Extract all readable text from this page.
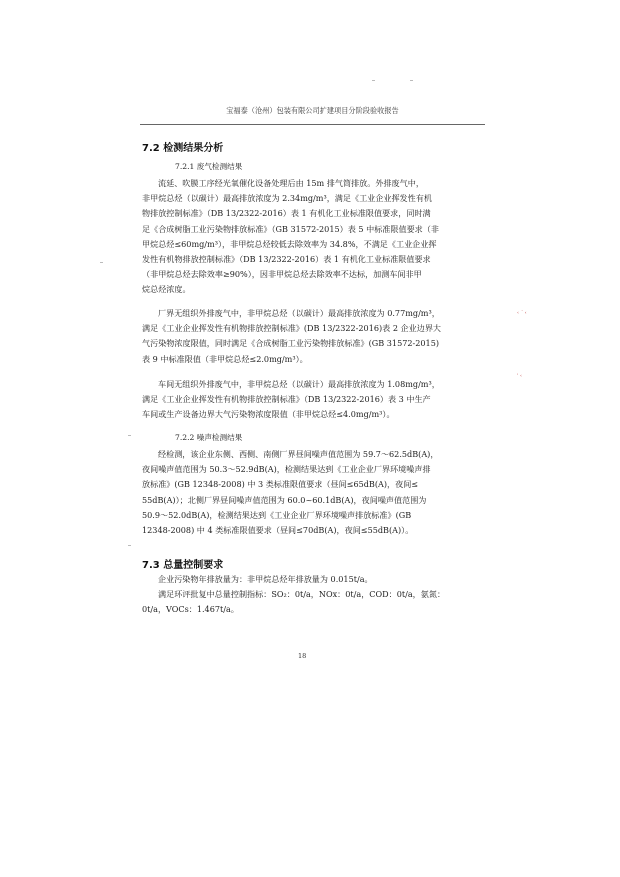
宝福泰（沧州）包装有限公司扩建项目分阶段验收报告
‹ ´ ‹
' ‹
7.2 检测结果分析
7.2.1 废气检测结果
流延、吹膜工序经光氧催化设备处理后由 15m 排气筒排放。外排废气中，
非甲烷总烃（以碳计）最高排放浓度为 2.34mg/m³，满足《工业企业挥发性有机
物排放控制标准》（DB 13/2322-2016）表 1 有机化工业标准限值要求，同时满
足《合成树脂工业污染物排放标准》（GB 31572-2015）表 5 中标准限值要求（非
甲烷总烃≤60mg/m³），非甲烷总烃较低去除效率为 34.8%，不满足《工业企业挥
发性有机物排放控制标准》（DB 13/2322-2016）表 1 有机化工业标准限值要求
（非甲烷总烃去除效率≥90%），因非甲烷总烃去除效率不达标，加测车间非甲
烷总烃浓度。
厂界无组织外排废气中，非甲烷总烃（以碳计）最高排放浓度为 0.77mg/m³，
满足《工业企业挥发性有机物排放控制标准》(DB 13/2322-2016)表 2 企业边界大
气污染物浓度限值，同时满足《合成树脂工业污染物排放标准》(GB 31572-2015)
表 9 中标准限值（非甲烷总烃≤2.0mg/m³）。
车间无组织外排废气中，非甲烷总烃（以碳计）最高排放浓度为 1.08mg/m³，
满足《工业企业挥发性有机物排放控制标准》（DB 13/2322-2016）表 3 中生产
车间或生产设备边界大气污染物浓度限值（非甲烷总烃≤4.0mg/m³）。
7.2.2 噪声检测结果
经检测，该企业东侧、西侧、南侧厂界昼间噪声值范围为 59.7～62.5dB(A)，
夜间噪声值范围为 50.3～52.9dB(A)，检测结果达到《工业企业厂界环境噪声排
放标准》(GB 12348-2008) 中 3 类标准限值要求（昼间≤65dB(A)，夜间≤
55dB(A)）；北侧厂界昼间噪声值范围为 60.0~60.1dB(A)，夜间噪声值范围为
50.9～52.0dB(A)，检测结果达到《工业企业厂界环境噪声排放标准》(GB
12348-2008) 中 4 类标准限值要求（昼间≤70dB(A)，夜间≤55dB(A)）。
7.3 总量控制要求
企业污染物年排放量为：非甲烷总烃年排放量为 0.015t/a。
满足环评批复中总量控制指标：SO₂：0t/a，NOx：0t/a，COD：0t/a，氨氮：
0t/a，VOCs：1.467t/a。
18
